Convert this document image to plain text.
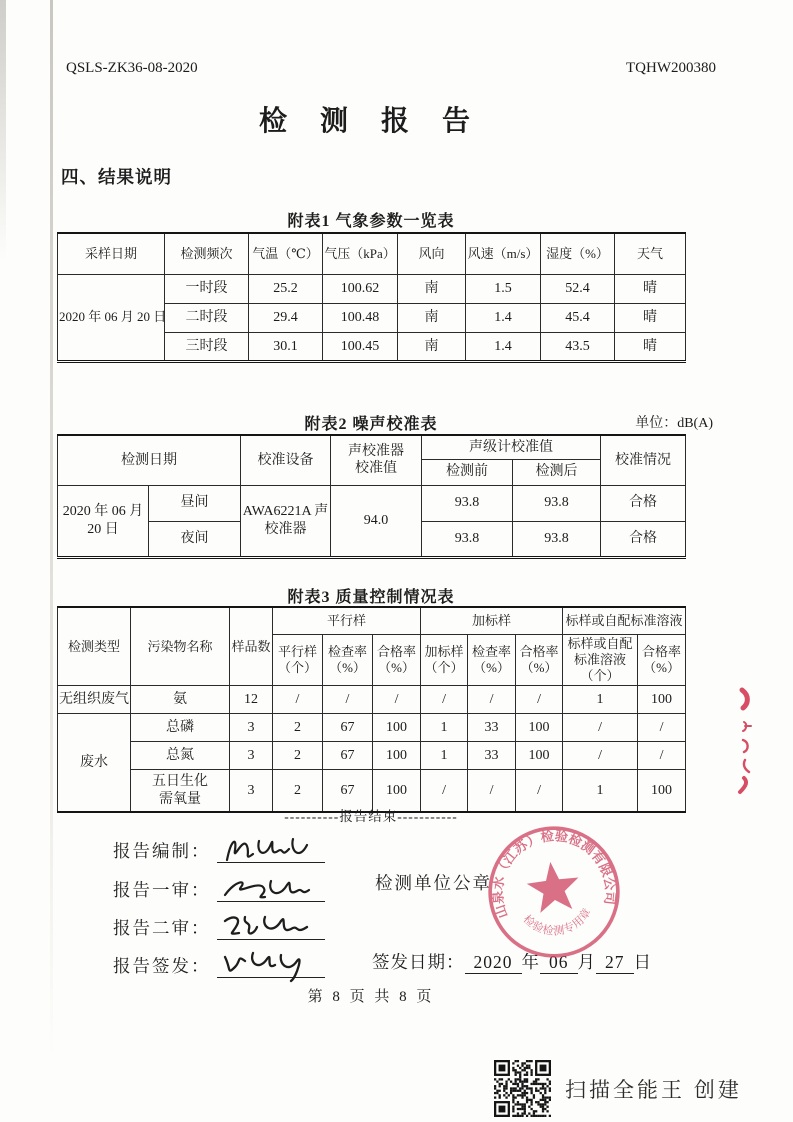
QSLS-ZK36-08-2020	TQHW200380
检 测 报 告
四、结果说明
附表1 气象参数一览表
采样日期	检测频次	气温（℃）	气压（kPa）	风向	风速（m/s）	湿度（%）	天气
2020 年 06 月 20 日	一时段	25.2	100.62	南	1.5	52.4	晴
	二时段	29.4	100.48	南	1.4	45.4	晴
	三时段	30.1	100.45	南	1.4	43.5	晴
附表2 噪声校准表	单位：dB(A)
检测日期		校准设备	声校准器校准值	声级计校准值		校准情况
				检测前	检测后	
2020 年 06 月 20 日	昼间	AWA6221A 声校准器	94.0	93.8	93.8	合格
	夜间			93.8	93.8	合格
附表3 质量控制情况表
检测类型	污染物名称	样品数	平行样			加标样			标样或自配标准溶液	
			平行样（个）	检查率（%）	合格率（%）	加标样（个）	检查率（%）	合格率（%）	标样或自配标准溶液（个）	合格率（%）
无组织废气	氨	12	/	/	/	/	/	/	1	100
废水	总磷	3	2	67	100	1	33	100	/	/
	总氮	3	2	67	100	1	33	100	/	/
	五日生化需氧量	3	2	67	100	/	/	/	1	100
----------报告结束-----------
报告编制：
报告一审：
报告二审：
报告签发：
检测单位公章
签发日期： 2020 年 06 月 27 日
山泉水（江苏）检验检测有限公司
检验检测专用章
第 8 页 共 8 页
扫描全能王 创建
